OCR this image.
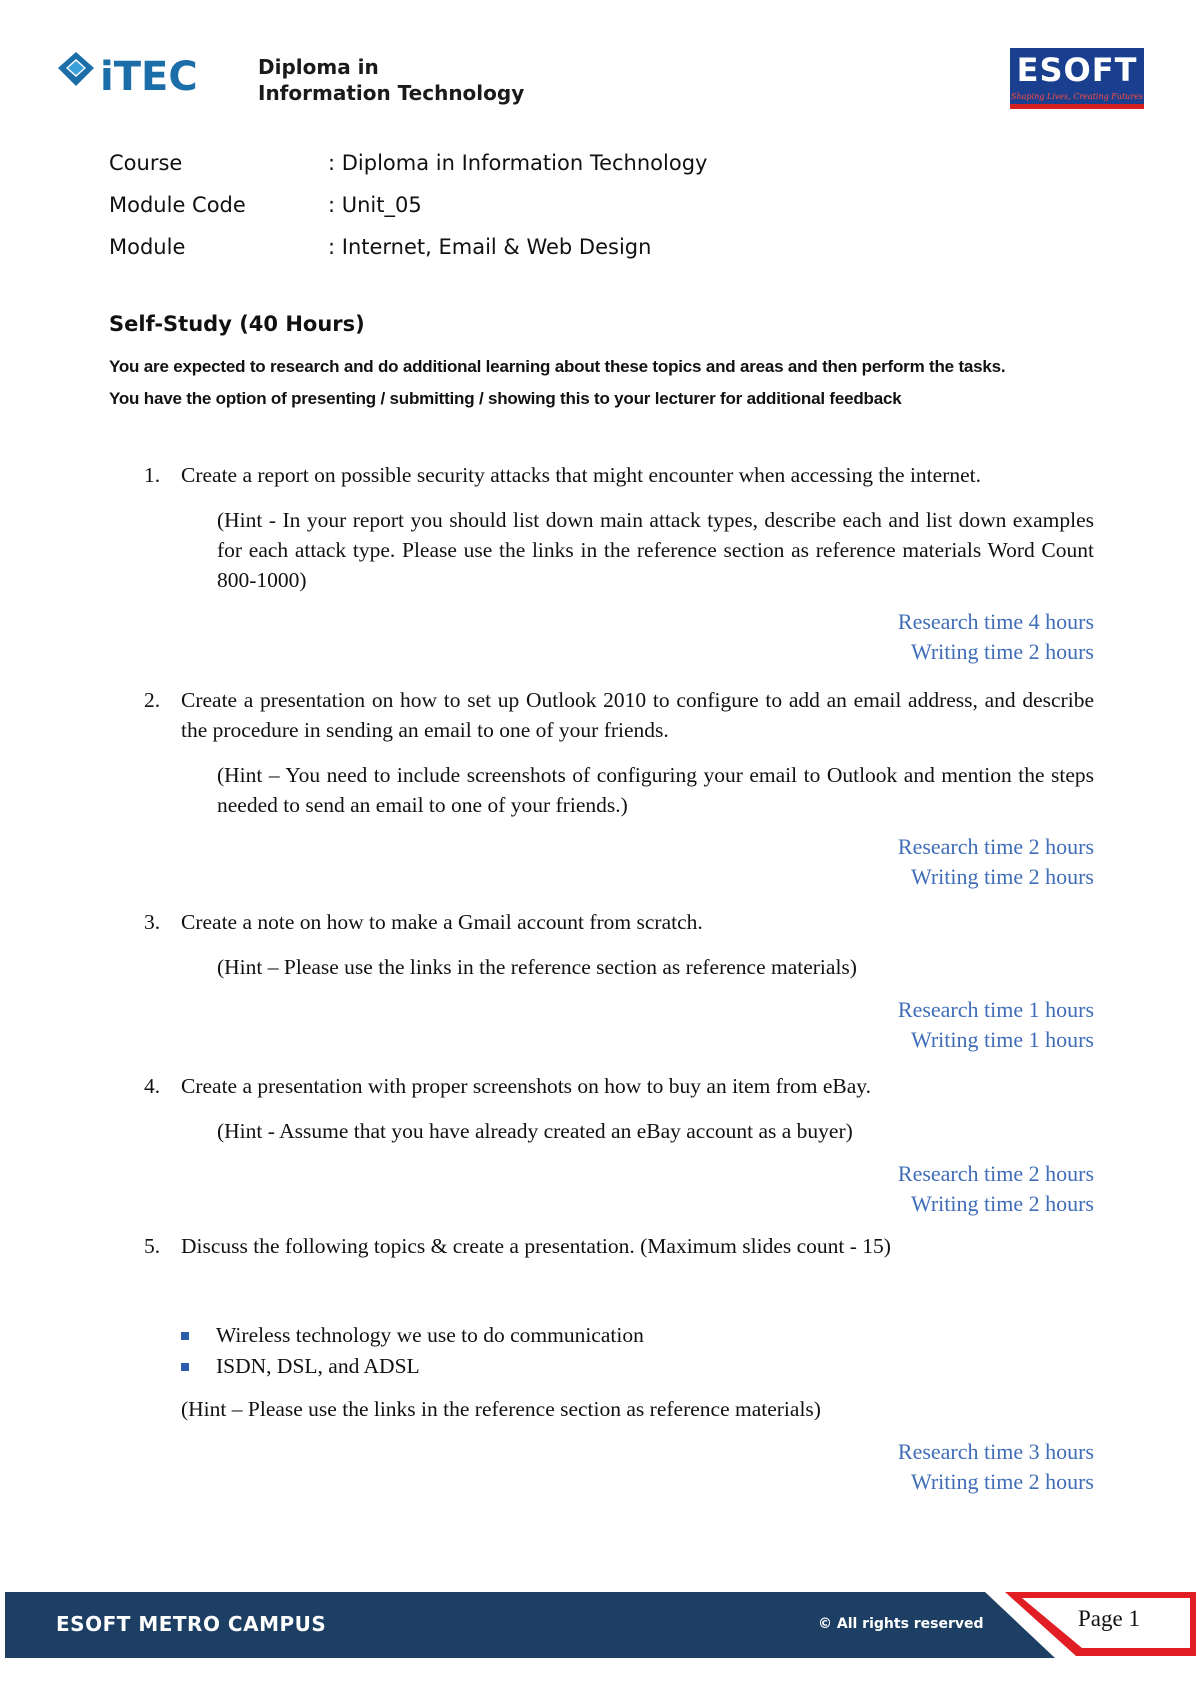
iTEC	Diploma in
Information Technology
ESOFT
Shaping Lives, Creating Futures
Course	: Diploma in Information Technology
Module Code	: Unit_05
Module	: Internet, Email & Web Design
Self-Study (40 Hours)
You are expected to research and do additional learning about these topics and areas and then perform the tasks.
You have the option of presenting / submitting / showing this to your lecturer for additional feedback
1. Create a report on possible security attacks that might encounter when accessing the internet.
(Hint - In your report you should list down main attack types, describe each and list down examples for each attack type. Please use the links in the reference section as reference materials Word Count 800-1000)
Research time 4 hours
Writing time 2 hours
2. Create a presentation on how to set up Outlook 2010 to configure to add an email address, and describe the procedure in sending an email to one of your friends.
(Hint – You need to include screenshots of configuring your email to Outlook and mention the steps needed to send an email to one of your friends.)
Research time 2 hours
Writing time 2 hours
3. Create a note on how to make a Gmail account from scratch.
(Hint – Please use the links in the reference section as reference materials)
Research time 1 hours
Writing time 1 hours
4. Create a presentation with proper screenshots on how to buy an item from eBay.
(Hint - Assume that you have already created an eBay account as a buyer)
Research time 2 hours
Writing time 2 hours
5. Discuss the following topics & create a presentation. (Maximum slides count - 15)
(Hint – Please use the links in the reference section as reference materials)
Research time 3 hours
Writing time 2 hours
Wireless technology we use to do communication
ISDN, DSL, and ADSL
ESOFT METRO CAMPUS	© All rights reserved	Page 1
